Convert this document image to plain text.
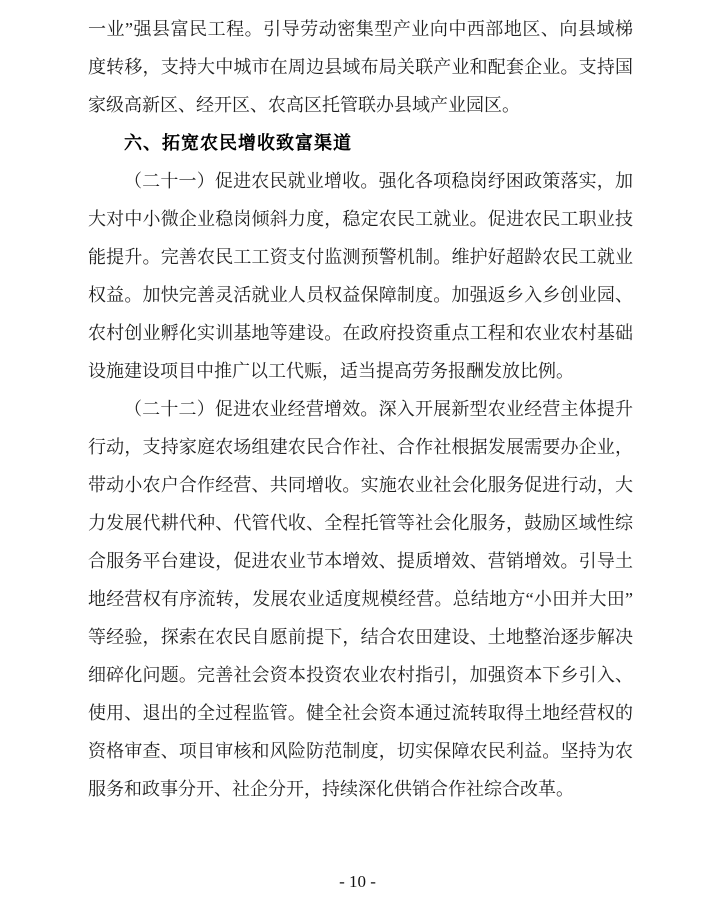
一业”强县富民工程。引导劳动密集型产业向中西部地区、向县域梯
度转移，支持大中城市在周边县域布局关联产业和配套企业。支持国
家级高新区、经开区、农高区托管联办县域产业园区。
六、拓宽农民增收致富渠道
（二十一）促进农民就业增收。强化各项稳岗纾困政策落实，加
大对中小微企业稳岗倾斜力度，稳定农民工就业。促进农民工职业技
能提升。完善农民工工资支付监测预警机制。维护好超龄农民工就业
权益。加快完善灵活就业人员权益保障制度。加强返乡入乡创业园、
农村创业孵化实训基地等建设。在政府投资重点工程和农业农村基础
设施建设项目中推广以工代赈，适当提高劳务报酬发放比例。
（二十二）促进农业经营增效。深入开展新型农业经营主体提升
行动，支持家庭农场组建农民合作社、合作社根据发展需要办企业，
带动小农户合作经营、共同增收。实施农业社会化服务促进行动，大
力发展代耕代种、代管代收、全程托管等社会化服务，鼓励区域性综
合服务平台建设，促进农业节本增效、提质增效、营销增效。引导土
地经营权有序流转，发展农业适度规模经营。总结地方“小田并大田”
等经验，探索在农民自愿前提下，结合农田建设、土地整治逐步解决
细碎化问题。完善社会资本投资农业农村指引，加强资本下乡引入、
使用、退出的全过程监管。健全社会资本通过流转取得土地经营权的
资格审查、项目审核和风险防范制度，切实保障农民利益。坚持为农
服务和政事分开、社企分开，持续深化供销合作社综合改革。
- 10 -
